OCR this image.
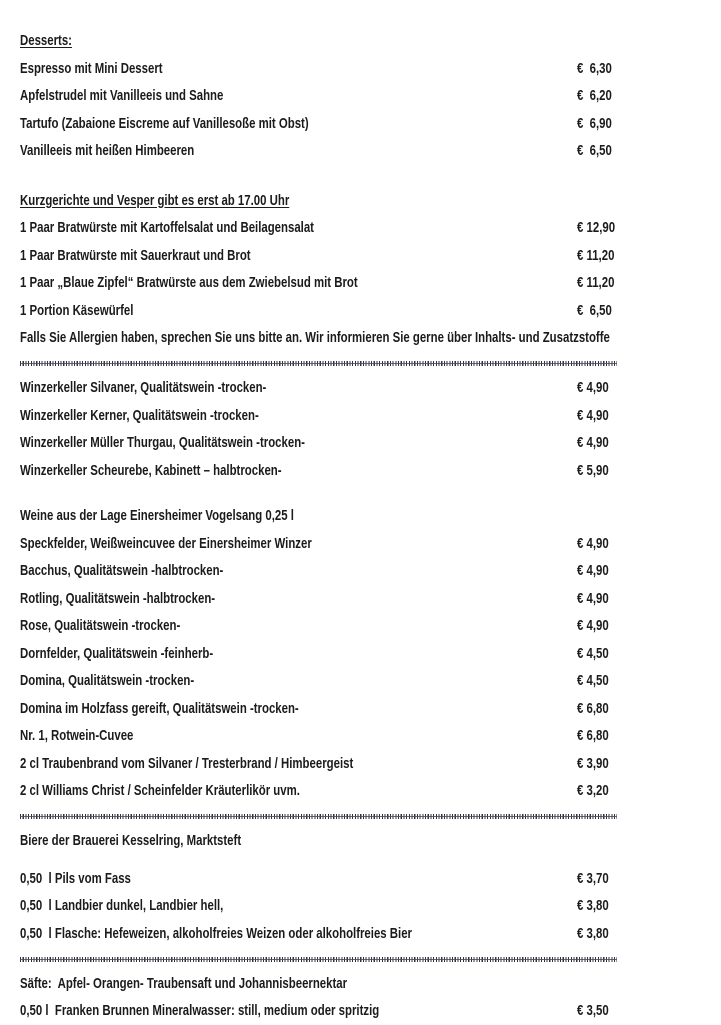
Desserts:
Espresso mit Mini Dessert	€  6,30
Apfelstrudel mit Vanilleeis und Sahne	€  6,20
Tartufo (Zabaione Eiscreme auf Vanillesoße mit Obst)	€  6,90
Vanilleeis mit heißen Himbeeren	€  6,50
Kurzgerichte und Vesper gibt es erst ab 17.00 Uhr
1 Paar Bratwürste mit Kartoffelsalat und Beilagensalat	€ 12,90
1 Paar Bratwürste mit Sauerkraut und Brot	€ 11,20
1 Paar „Blaue Zipfel“ Bratwürste aus dem Zwiebelsud mit Brot	€ 11,20
1 Portion Käsewürfel	€  6,50
Falls Sie Allergien haben, sprechen Sie uns bitte an. Wir informieren Sie gerne über Inhalts- und Zusatzstoffe
Winzerkeller Silvaner, Qualitätswein -trocken-	€ 4,90
Winzerkeller Kerner, Qualitätswein -trocken-	€ 4,90
Winzerkeller Müller Thurgau, Qualitätswein -trocken-	€ 4,90
Winzerkeller Scheurebe, Kabinett – halbtrocken-	€ 5,90
Weine aus der Lage Einersheimer Vogelsang 0,25 l
Speckfelder, Weißweincuvee der Einersheimer Winzer	€ 4,90
Bacchus, Qualitätswein -halbtrocken-	€ 4,90
Rotling, Qualitätswein -halbtrocken-	€ 4,90
Rose, Qualitätswein -trocken-	€ 4,90
Dornfelder, Qualitätswein -feinherb-	€ 4,50
Domina, Qualitätswein -trocken-	€ 4,50
Domina im Holzfass gereift, Qualitätswein -trocken-	€ 6,80
Nr. 1, Rotwein-Cuvee	€ 6,80
2 cl Traubenbrand vom Silvaner / Tresterbrand / Himbeergeist	€ 3,90
2 cl Williams Christ / Scheinfelder Kräuterlikör uvm.	€ 3,20
Biere der Brauerei Kesselring, Marktsteft
0,50  l Pils vom Fass	€ 3,70
0,50  l Landbier dunkel, Landbier hell,	€ 3,80
0,50  l Flasche: Hefeweizen, alkoholfreies Weizen oder alkoholfreies Bier	€ 3,80
Säfte:  Apfel- Orangen- Traubensaft und Johannisbeernektar
0,50 l  Franken Brunnen Mineralwasser: still, medium oder spritzig	€ 3,50
